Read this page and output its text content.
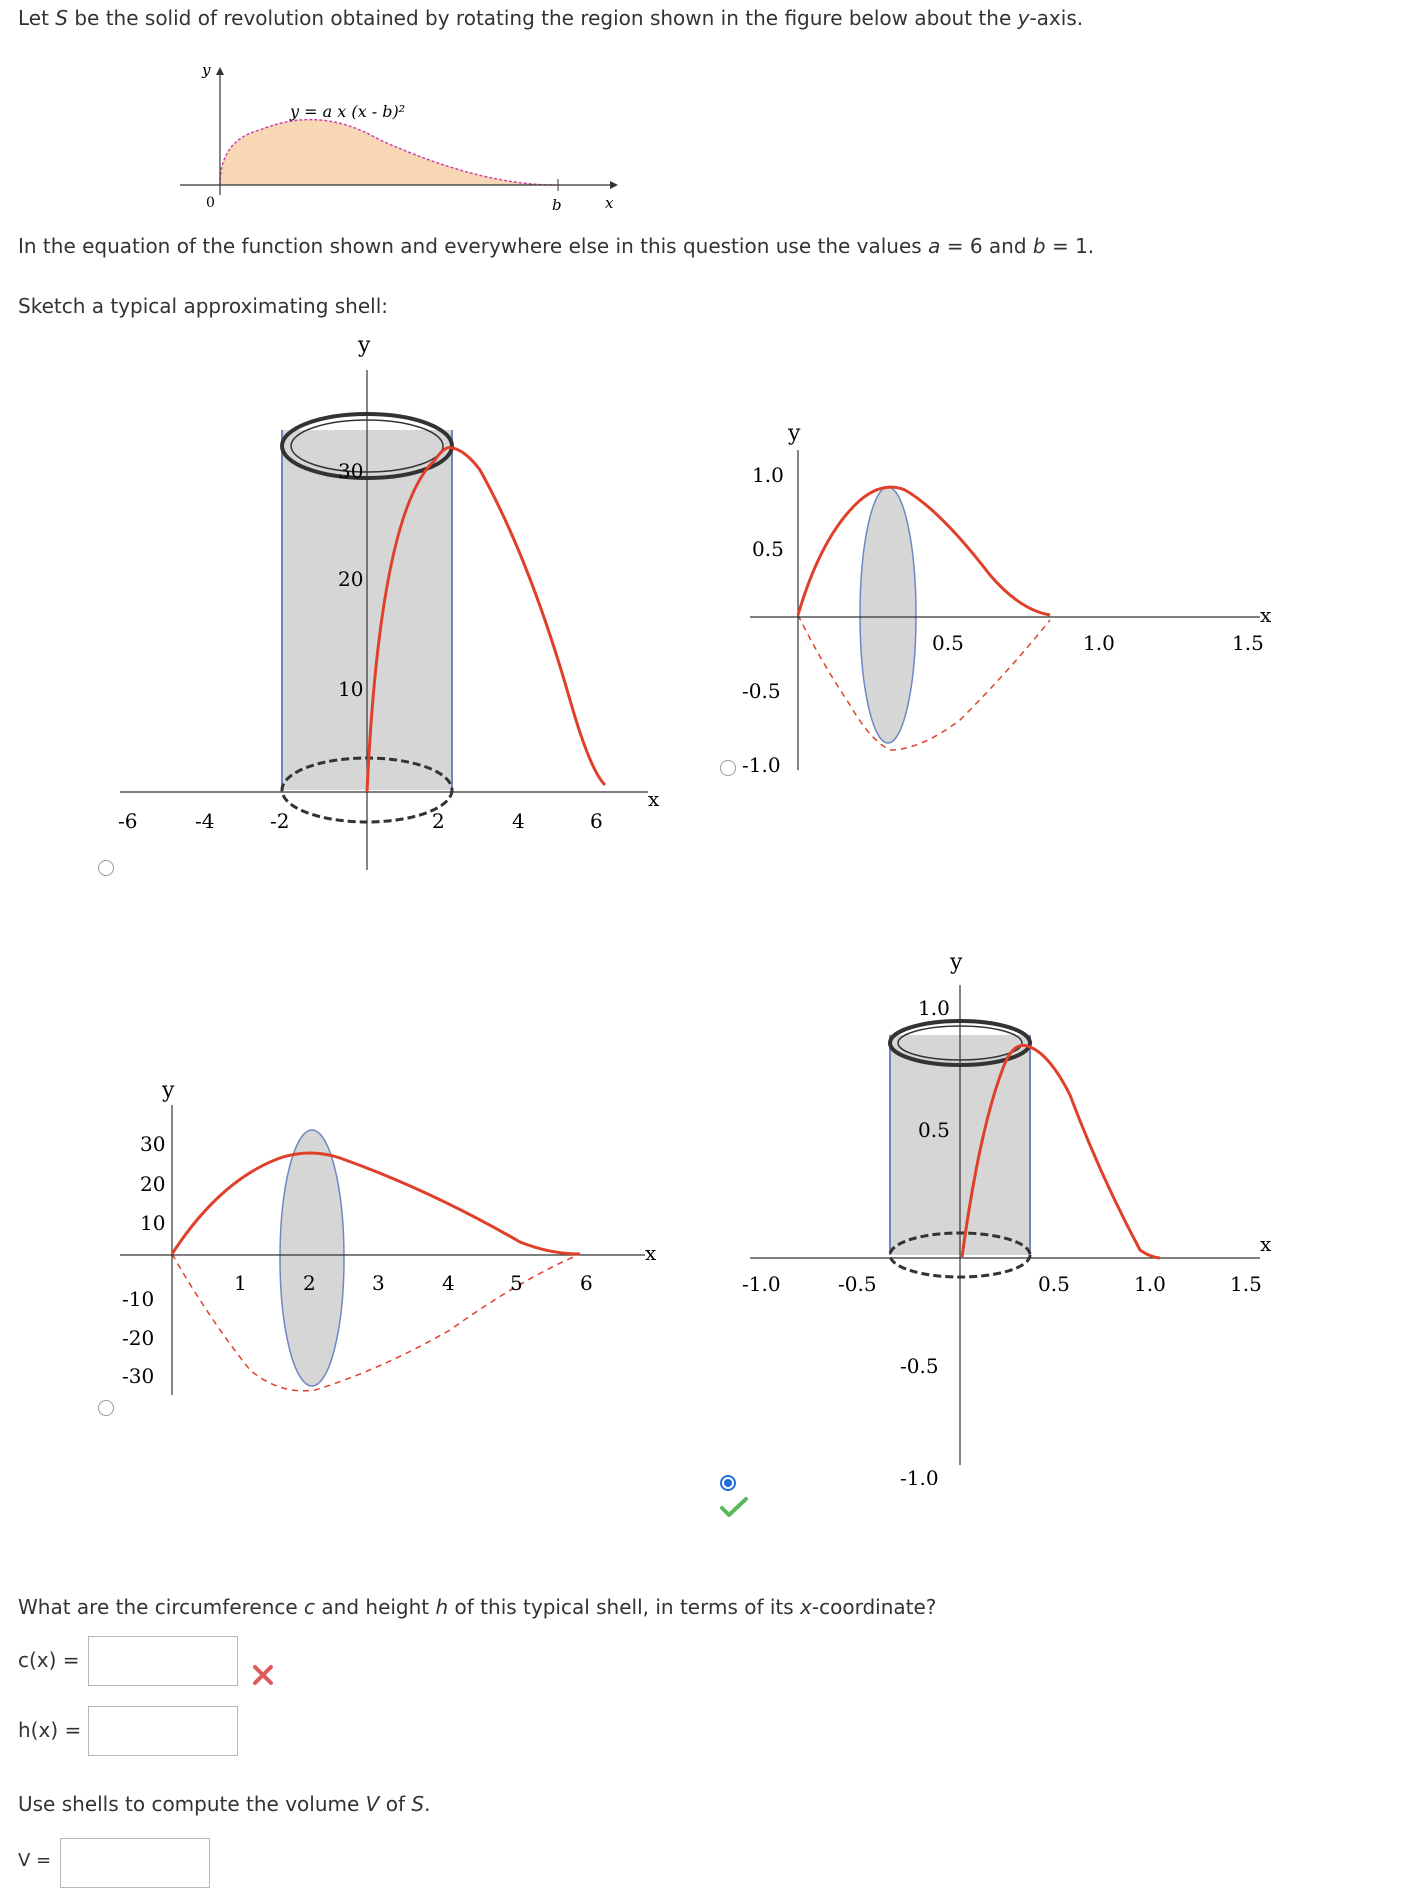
Let S be the solid of revolution obtained by rotating the region shown in the figure below about the y-axis.
y
x
0	b
y = a x (x - b)²
In the equation of the function shown and everywhere else in this question use the values a = 6 and b = 1.
Sketch a typical approximating shell:
-6	-4	-2	2	4	6
10
20
30
y
x
0.5	1.0	1.5
1.0
0.5
-0.5
-1.0
y
x
1	2	3	4	5	6
30
20
10
-10
-20
-30
y
x
-1.0	-0.5	0.5	1.0	1.5
1.0
0.5
-0.5
-1.0
y
x
What are the circumference c and height h of this typical shell, in terms of its x-coordinate?
c(x) =
h(x) =
Use shells to compute the volume V of S.
V =
